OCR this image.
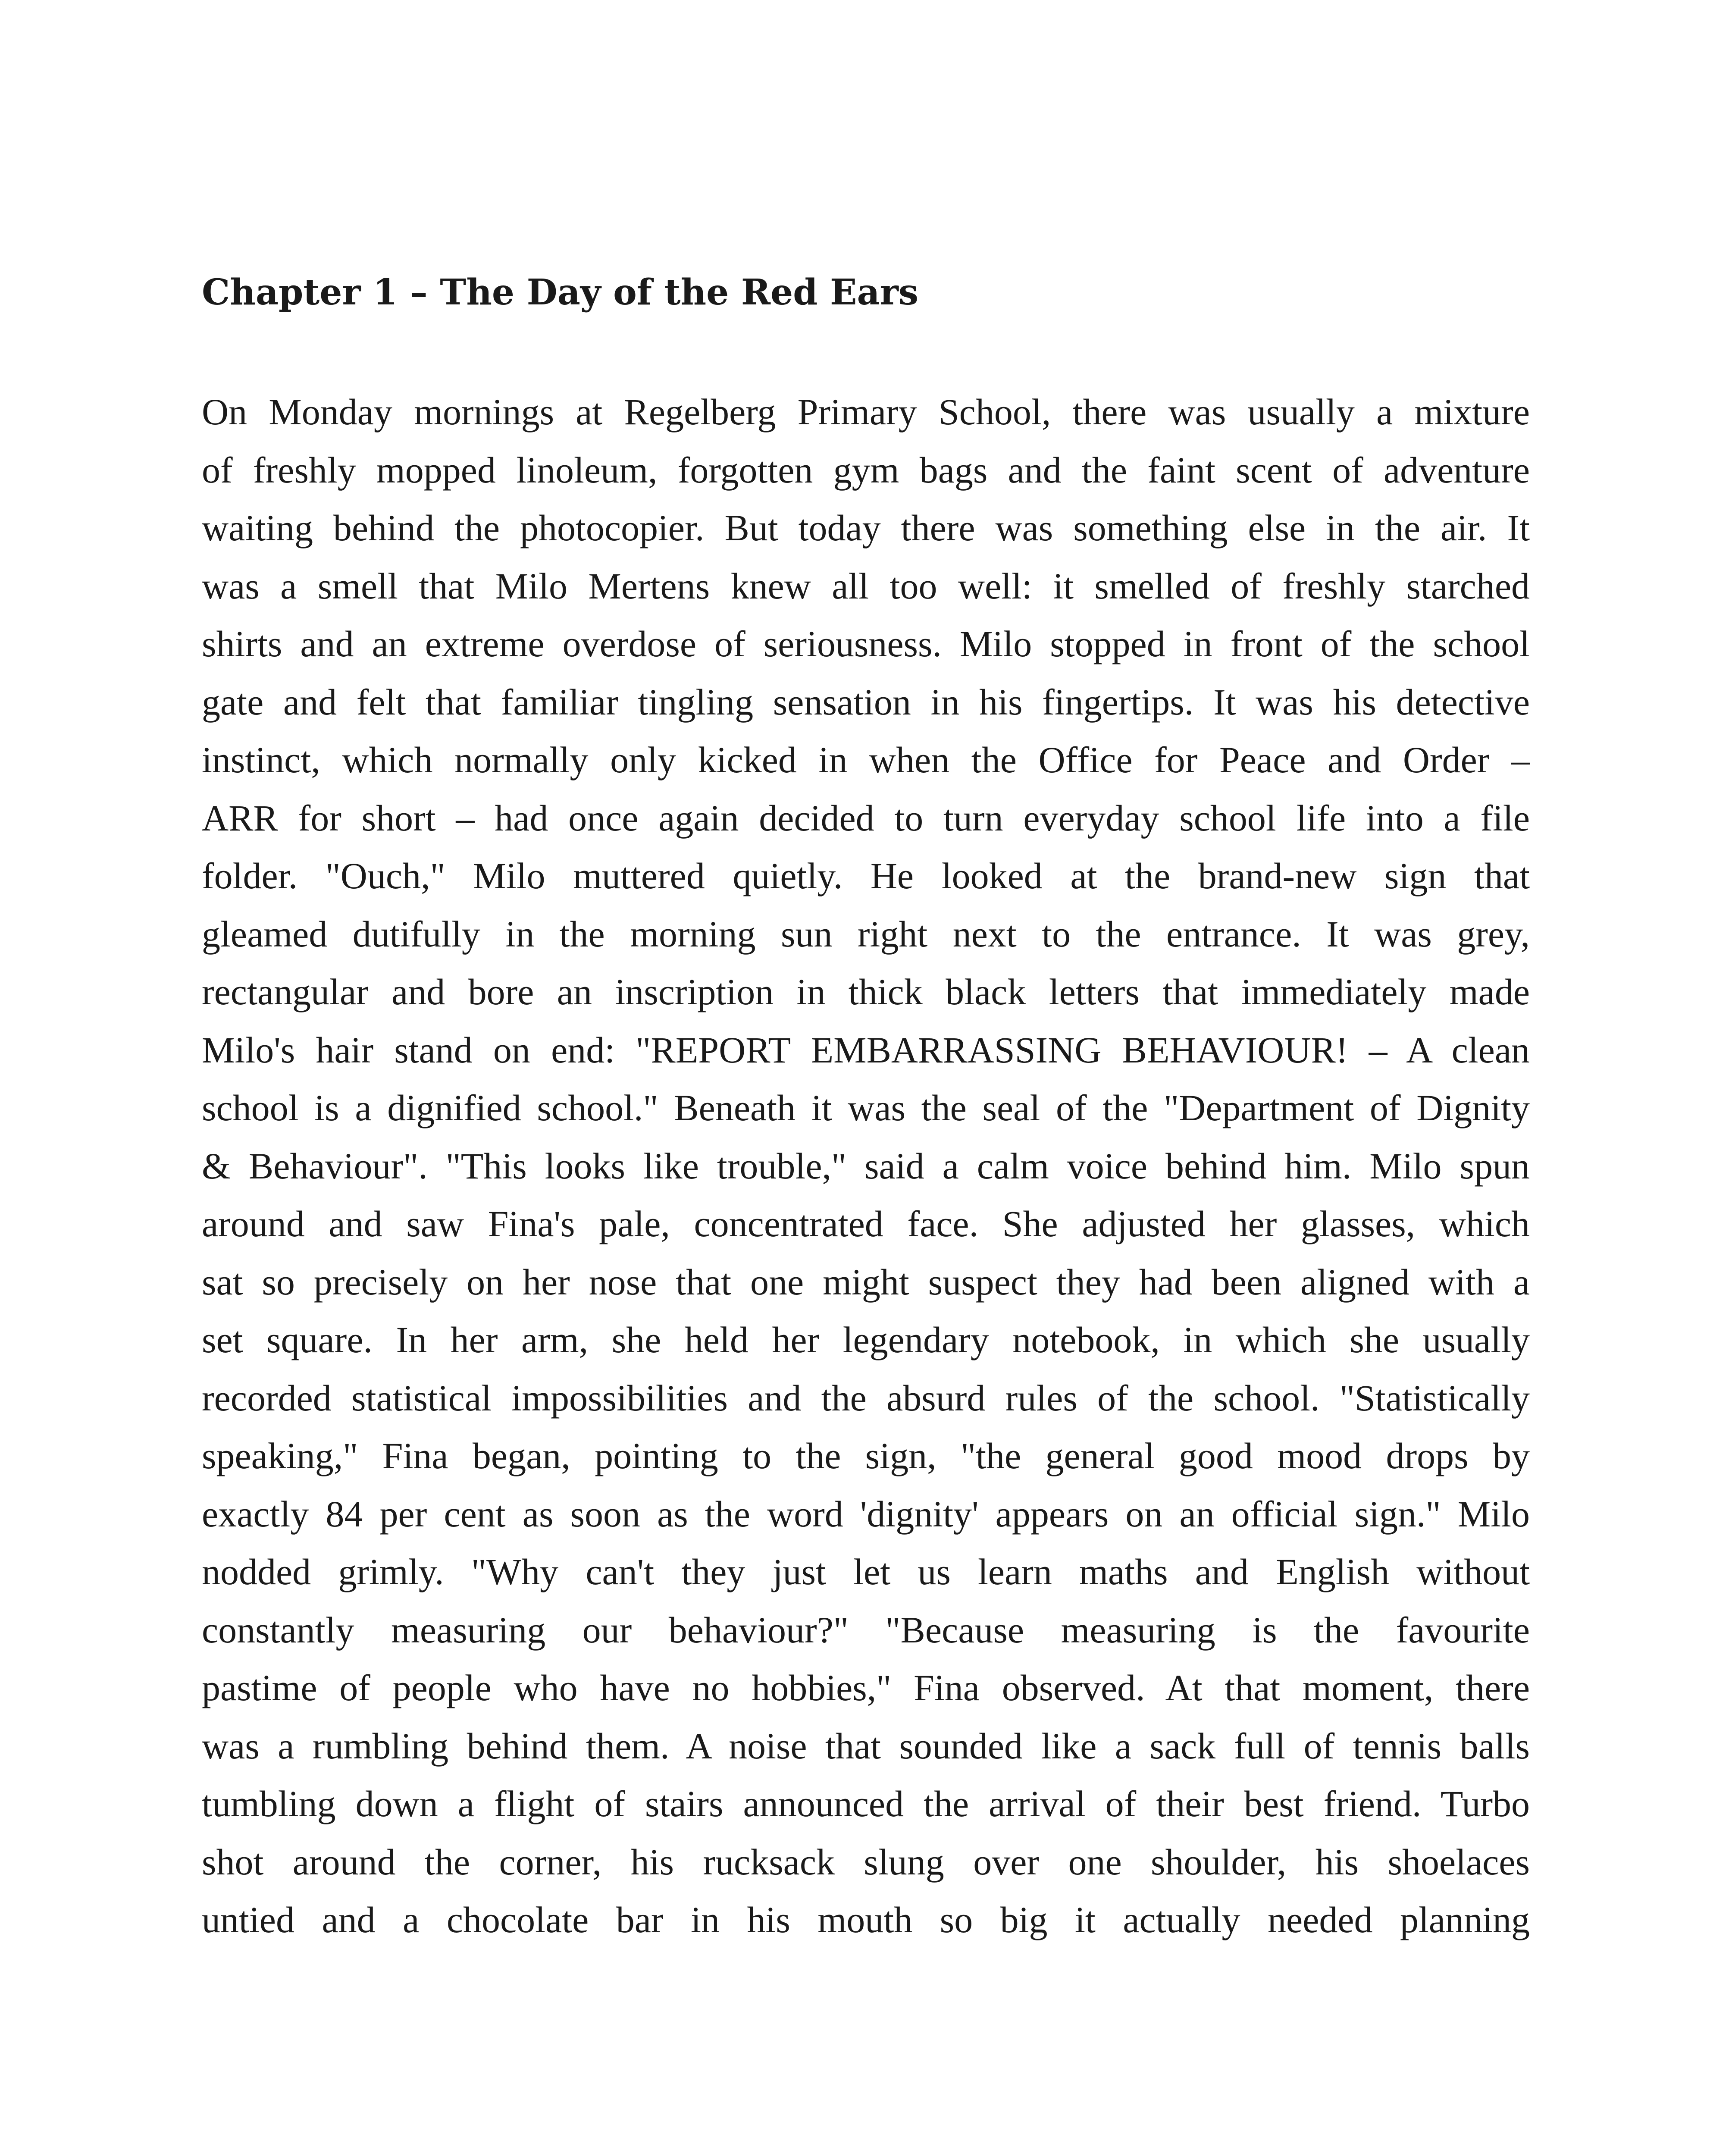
Chapter 1 – The Day of the Red Ears
On Monday mornings at Regelberg Primary School, there was usually a mixture
of freshly mopped linoleum, forgotten gym bags and the faint scent of adventure
waiting behind the photocopier. But today there was something else in the air. It
was a smell that Milo Mertens knew all too well: it smelled of freshly starched
shirts and an extreme overdose of seriousness. Milo stopped in front of the school
gate and felt that familiar tingling sensation in his fingertips. It was his detective
instinct, which normally only kicked in when the Office for Peace and Order –
ARR for short – had once again decided to turn everyday school life into a file
folder. "Ouch," Milo muttered quietly. He looked at the brand-new sign that
gleamed dutifully in the morning sun right next to the entrance. It was grey,
rectangular and bore an inscription in thick black letters that immediately made
Milo's hair stand on end: "REPORT EMBARRASSING BEHAVIOUR! – A clean
school is a dignified school." Beneath it was the seal of the "Department of Dignity
& Behaviour". "This looks like trouble," said a calm voice behind him. Milo spun
around and saw Fina's pale, concentrated face. She adjusted her glasses, which
sat so precisely on her nose that one might suspect they had been aligned with a
set square. In her arm, she held her legendary notebook, in which she usually
recorded statistical impossibilities and the absurd rules of the school. "Statistically
speaking," Fina began, pointing to the sign, "the general good mood drops by
exactly 84 per cent as soon as the word 'dignity' appears on an official sign." Milo
nodded grimly. "Why can't they just let us learn maths and English without
constantly measuring our behaviour?" "Because measuring is the favourite
pastime of people who have no hobbies," Fina observed. At that moment, there
was a rumbling behind them. A noise that sounded like a sack full of tennis balls
tumbling down a flight of stairs announced the arrival of their best friend. Turbo
shot around the corner, his rucksack slung over one shoulder, his shoelaces
untied and a chocolate bar in his mouth so big it actually needed planning
